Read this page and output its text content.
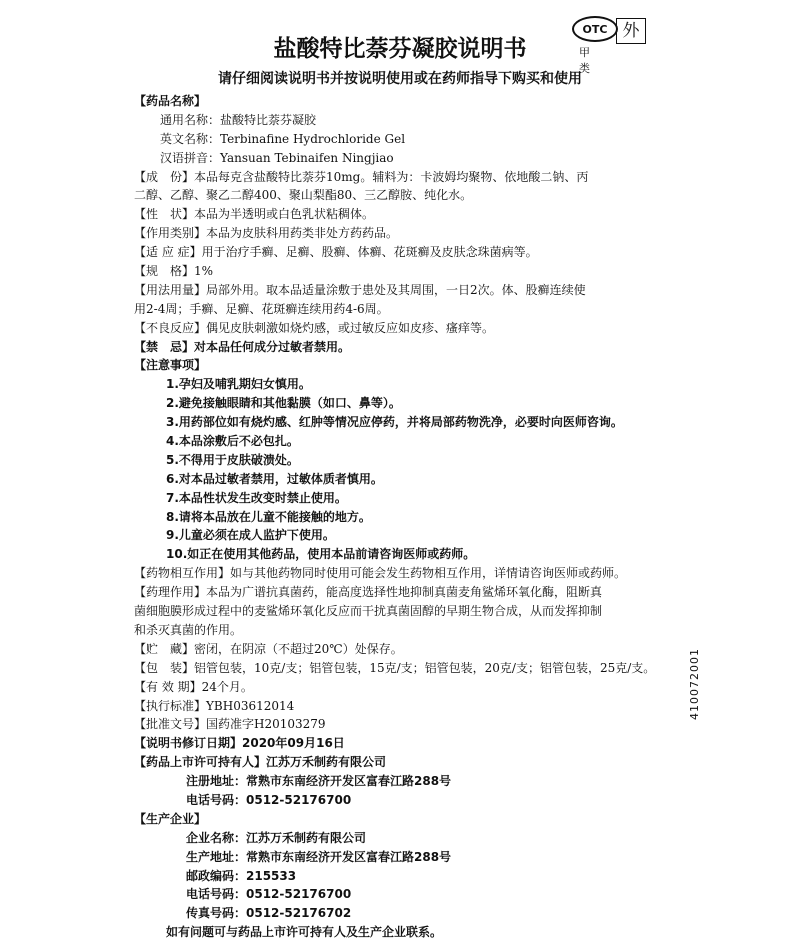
OTC
甲类
外
盐酸特比萘芬凝胶说明书
请仔细阅读说明书并按说明使用或在药师指导下购买和使用
【药品名称】
通用名称：盐酸特比萘芬凝胶
英文名称：Terbinafine Hydrochloride Gel
汉语拼音：Yansuan Tebinaifen Ningjiao
【成　份】本品每克含盐酸特比萘芬10mg。辅料为：卡波姆均聚物、依地酸二钠、丙
二醇、乙醇、聚乙二醇400、聚山梨酯80、三乙醇胺、纯化水。
【性　状】本品为半透明或白色乳状粘稠体。
【作用类别】本品为皮肤科用药类非处方药药品。
【适 应 症】用于治疗手癣、足癣、股癣、体癣、花斑癣及皮肤念珠菌病等。
【规　格】1%
【用法用量】局部外用。取本品适量涂敷于患处及其周围，一日2次。体、股癣连续使
用2-4周；手癣、足癣、花斑癣连续用药4-6周。
【不良反应】偶见皮肤刺激如烧灼感，或过敏反应如皮疹、瘙痒等。
【禁　忌】对本品任何成分过敏者禁用。
【注意事项】
1.孕妇及哺乳期妇女慎用。
2.避免接触眼睛和其他黏膜（如口、鼻等）。
3.用药部位如有烧灼感、红肿等情况应停药，并将局部药物洗净，必要时向医师咨询。
4.本品涂敷后不必包扎。
5.不得用于皮肤破溃处。
6.对本品过敏者禁用，过敏体质者慎用。
7.本品性状发生改变时禁止使用。
8.请将本品放在儿童不能接触的地方。
9.儿童必须在成人监护下使用。
10.如正在使用其他药品，使用本品前请咨询医师或药师。
【药物相互作用】如与其他药物同时使用可能会发生药物相互作用，详情请咨询医师或药师。
【药理作用】本品为广谱抗真菌药，能高度选择性地抑制真菌麦角鲨烯环氧化酶，阻断真
菌细胞膜形成过程中的麦鲨烯环氧化反应而干扰真菌固醇的早期生物合成，从而发挥抑制
和杀灭真菌的作用。
【贮　藏】密闭，在阴凉（不超过20℃）处保存。
【包　装】铝管包装，10克/支；铝管包装，15克/支；铝管包装，20克/支；铝管包装，25克/支。
【有 效 期】24个月。
【执行标准】YBH03612014
【批准文号】国药准字H20103279
【说明书修订日期】2020年09月16日
【药品上市许可持有人】江苏万禾制药有限公司
注册地址：常熟市东南经济开发区富春江路288号
电话号码：0512-52176700
【生产企业】
企业名称：江苏万禾制药有限公司
生产地址：常熟市东南经济开发区富春江路288号
邮政编码：215533
电话号码：0512-52176700
传真号码：0512-52176702
如有问题可与药品上市许可持有人及生产企业联系。
410072001
